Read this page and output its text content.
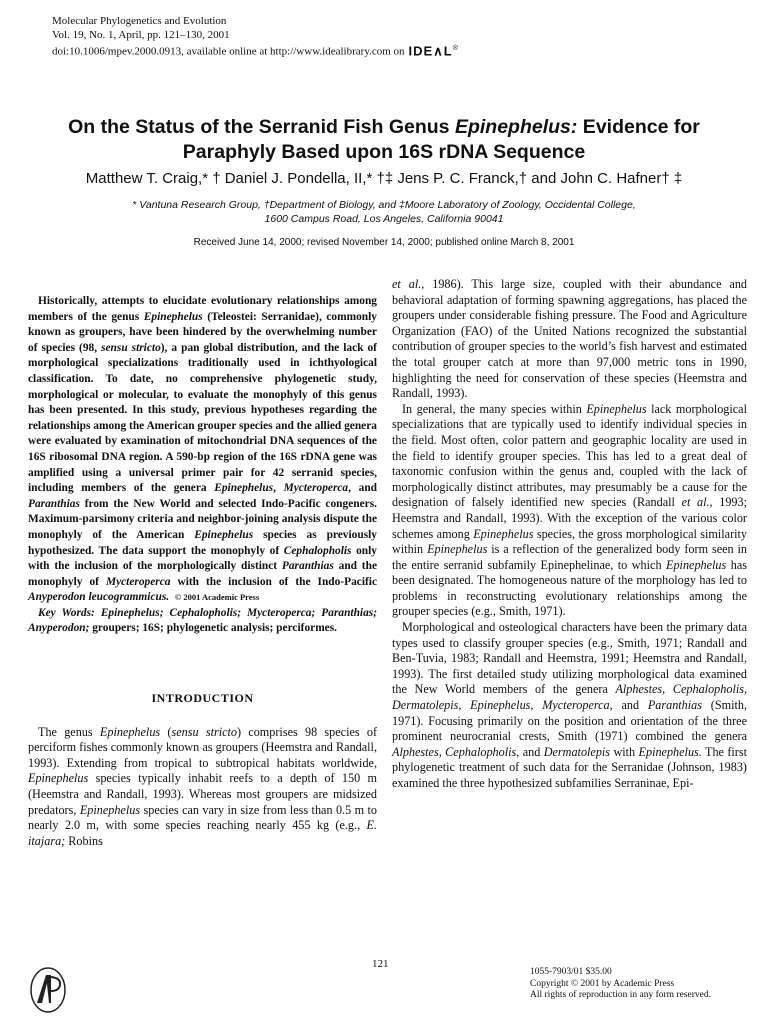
Molecular Phylogenetics and Evolution
Vol. 19, No. 1, April, pp. 121–130, 2001
doi:10.1006/mpev.2000.0913, available online at http://www.idealibrary.com on IDE∧L®
On the Status of the Serranid Fish Genus Epinephelus: Evidence for
Paraphyly Based upon 16S rDNA Sequence
Matthew T. Craig,* † Daniel J. Pondella, II,* †‡ Jens P. C. Franck,† and John C. Hafner† ‡
* Vantuna Research Group, †Department of Biology, and ‡Moore Laboratory of Zoology, Occidental College,
1600 Campus Road, Los Angeles, California 90041
Received June 14, 2000; revised November 14, 2000; published online March 8, 2001

Historically, attempts to elucidate evolutionary relationships among members of the genus Epinephelus (Teleostei: Serranidae), commonly known as groupers, have been hindered by the overwhelming number of species (98, sensu stricto), a pan global distribution, and the lack of morphological specializations traditionally used in ichthyological classification. To date, no comprehensive phylogenetic study, morphological or molecular, to evaluate the monophyly of this genus has been presented. In this study, previous hypotheses regarding the relationships among the American grouper species and the allied genera were evaluated by examination of mitochondrial DNA sequences of the 16S ribosomal DNA region. A 590-bp region of the 16S rDNA gene was amplified using a universal primer pair for 42 serranid species, including members of the genera Epinephelus, Mycteroperca, and Paranthias from the New World and selected Indo-Pacific congeners. Maximum-parsimony criteria and neighbor-joining analysis dispute the monophyly of the American Epinephelus species as previously hypothesized. The data support the monophyly of Cephalopholis only with the inclusion of the morphologically distinct Paranthias and the monophyly of Mycteroperca with the inclusion of the Indo-Pacific Anyperodon leucogrammicus. © 2001 Academic Press

Key Words: Epinephelus; Cephalopholis; Mycteroperca; Paranthias; Anyperodon; groupers; 16S; phylogenetic analysis; perciformes.

INTRODUCTION

The genus Epinephelus (sensu stricto) comprises 98 species of perciform fishes commonly known as groupers (Heemstra and Randall, 1993). Extending from tropical to subtropical habitats worldwide, Epinephelus species typically inhabit reefs to a depth of 150 m (Heemstra and Randall, 1993). Whereas most groupers are midsized predators, Epinephelus species can vary in size from less than 0.5 m to nearly 2.0 m, with some species reaching nearly 455 kg (e.g., E. itajara; Robins

et al., 1986). This large size, coupled with their abundance and behavioral adaptation of forming spawning aggregations, has placed the groupers under considerable fishing pressure. The Food and Agriculture Organization (FAO) of the United Nations recognized the substantial contribution of grouper species to the world’s fish harvest and estimated the total grouper catch at more than 97,000 metric tons in 1990, highlighting the need for conservation of these species (Heemstra and Randall, 1993).

In general, the many species within Epinephelus lack morphological specializations that are typically used to identify individual species in the field. Most often, color pattern and geographic locality are used in the field to identify grouper species. This has led to a great deal of taxonomic confusion within the genus and, coupled with the lack of morphologically distinct attributes, may presumably be a cause for the designation of falsely identified new species (Randall et al., 1993; Heemstra and Randall, 1993). With the exception of the various color schemes among Epinephelus species, the gross morphological similarity within Epinephelus is a reflection of the generalized body form seen in the entire serranid subfamily Epinephelinae, to which Epinephelus has been designated. The homogeneous nature of the morphology has led to problems in reconstructing evolutionary relationships among the grouper species (e.g., Smith, 1971).

Morphological and osteological characters have been the primary data types used to classify grouper species (e.g., Smith, 1971; Randall and Ben-Tuvia, 1983; Randall and Heemstra, 1991; Heemstra and Randall, 1993). The first detailed study utilizing morphological data examined the New World members of the genera Alphestes, Cephalopholis, Dermatolepis, Epinephelus, Mycteroperca, and Paranthias (Smith, 1971). Focusing primarily on the position and orientation of the three prominent neurocranial crests, Smith (1971) combined the genera Alphestes, Cephalopholis, and Dermatolepis with Epinephelus. The first phylogenetic treatment of such data for the Serranidae (Johnson, 1983) examined the three hypothesized subfamilies Serraninae, Epi-

121
1055-7903/01 $35.00
Copyright © 2001 by Academic Press
All rights of reproduction in any form reserved.
